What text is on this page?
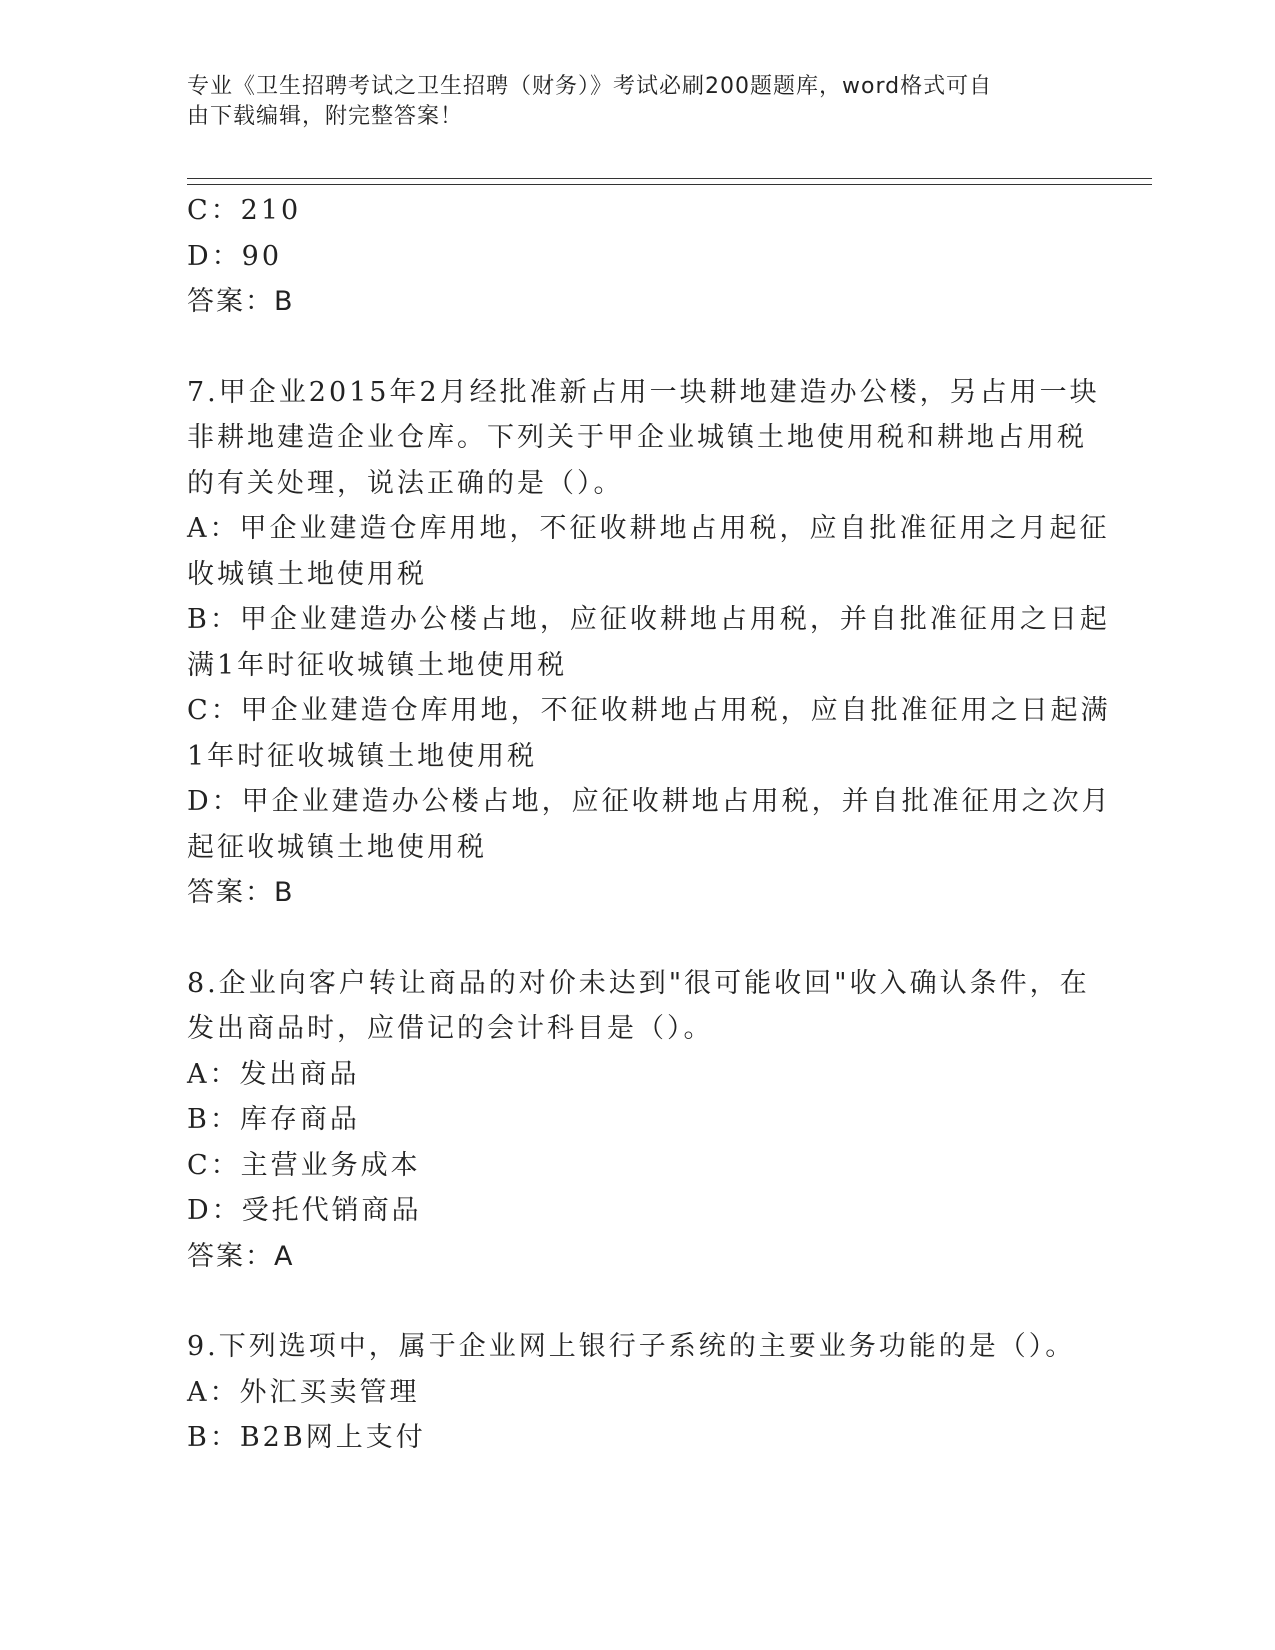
专业《卫生招聘考试之卫生招聘（财务）》考试必刷200题题库，word格式可自
由下载编辑，附完整答案！
C：210
D：90
答案：B
7.甲企业2015年2月经批准新占用一块耕地建造办公楼，另占用一块
非耕地建造企业仓库。下列关于甲企业城镇土地使用税和耕地占用税
的有关处理，说法正确的是（）。
A：甲企业建造仓库用地，不征收耕地占用税，应自批准征用之月起征
收城镇土地使用税
B：甲企业建造办公楼占地，应征收耕地占用税，并自批准征用之日起
满1年时征收城镇土地使用税
C：甲企业建造仓库用地，不征收耕地占用税，应自批准征用之日起满
1年时征收城镇土地使用税
D：甲企业建造办公楼占地，应征收耕地占用税，并自批准征用之次月
起征收城镇土地使用税
答案：B
8.企业向客户转让商品的对价未达到"很可能收回"收入确认条件，在
发出商品时，应借记的会计科目是（）。
A：发出商品
B：库存商品
C：主营业务成本
D：受托代销商品
答案：A
9.下列选项中，属于企业网上银行子系统的主要业务功能的是（）。
A：外汇买卖管理
B：B2B网上支付
